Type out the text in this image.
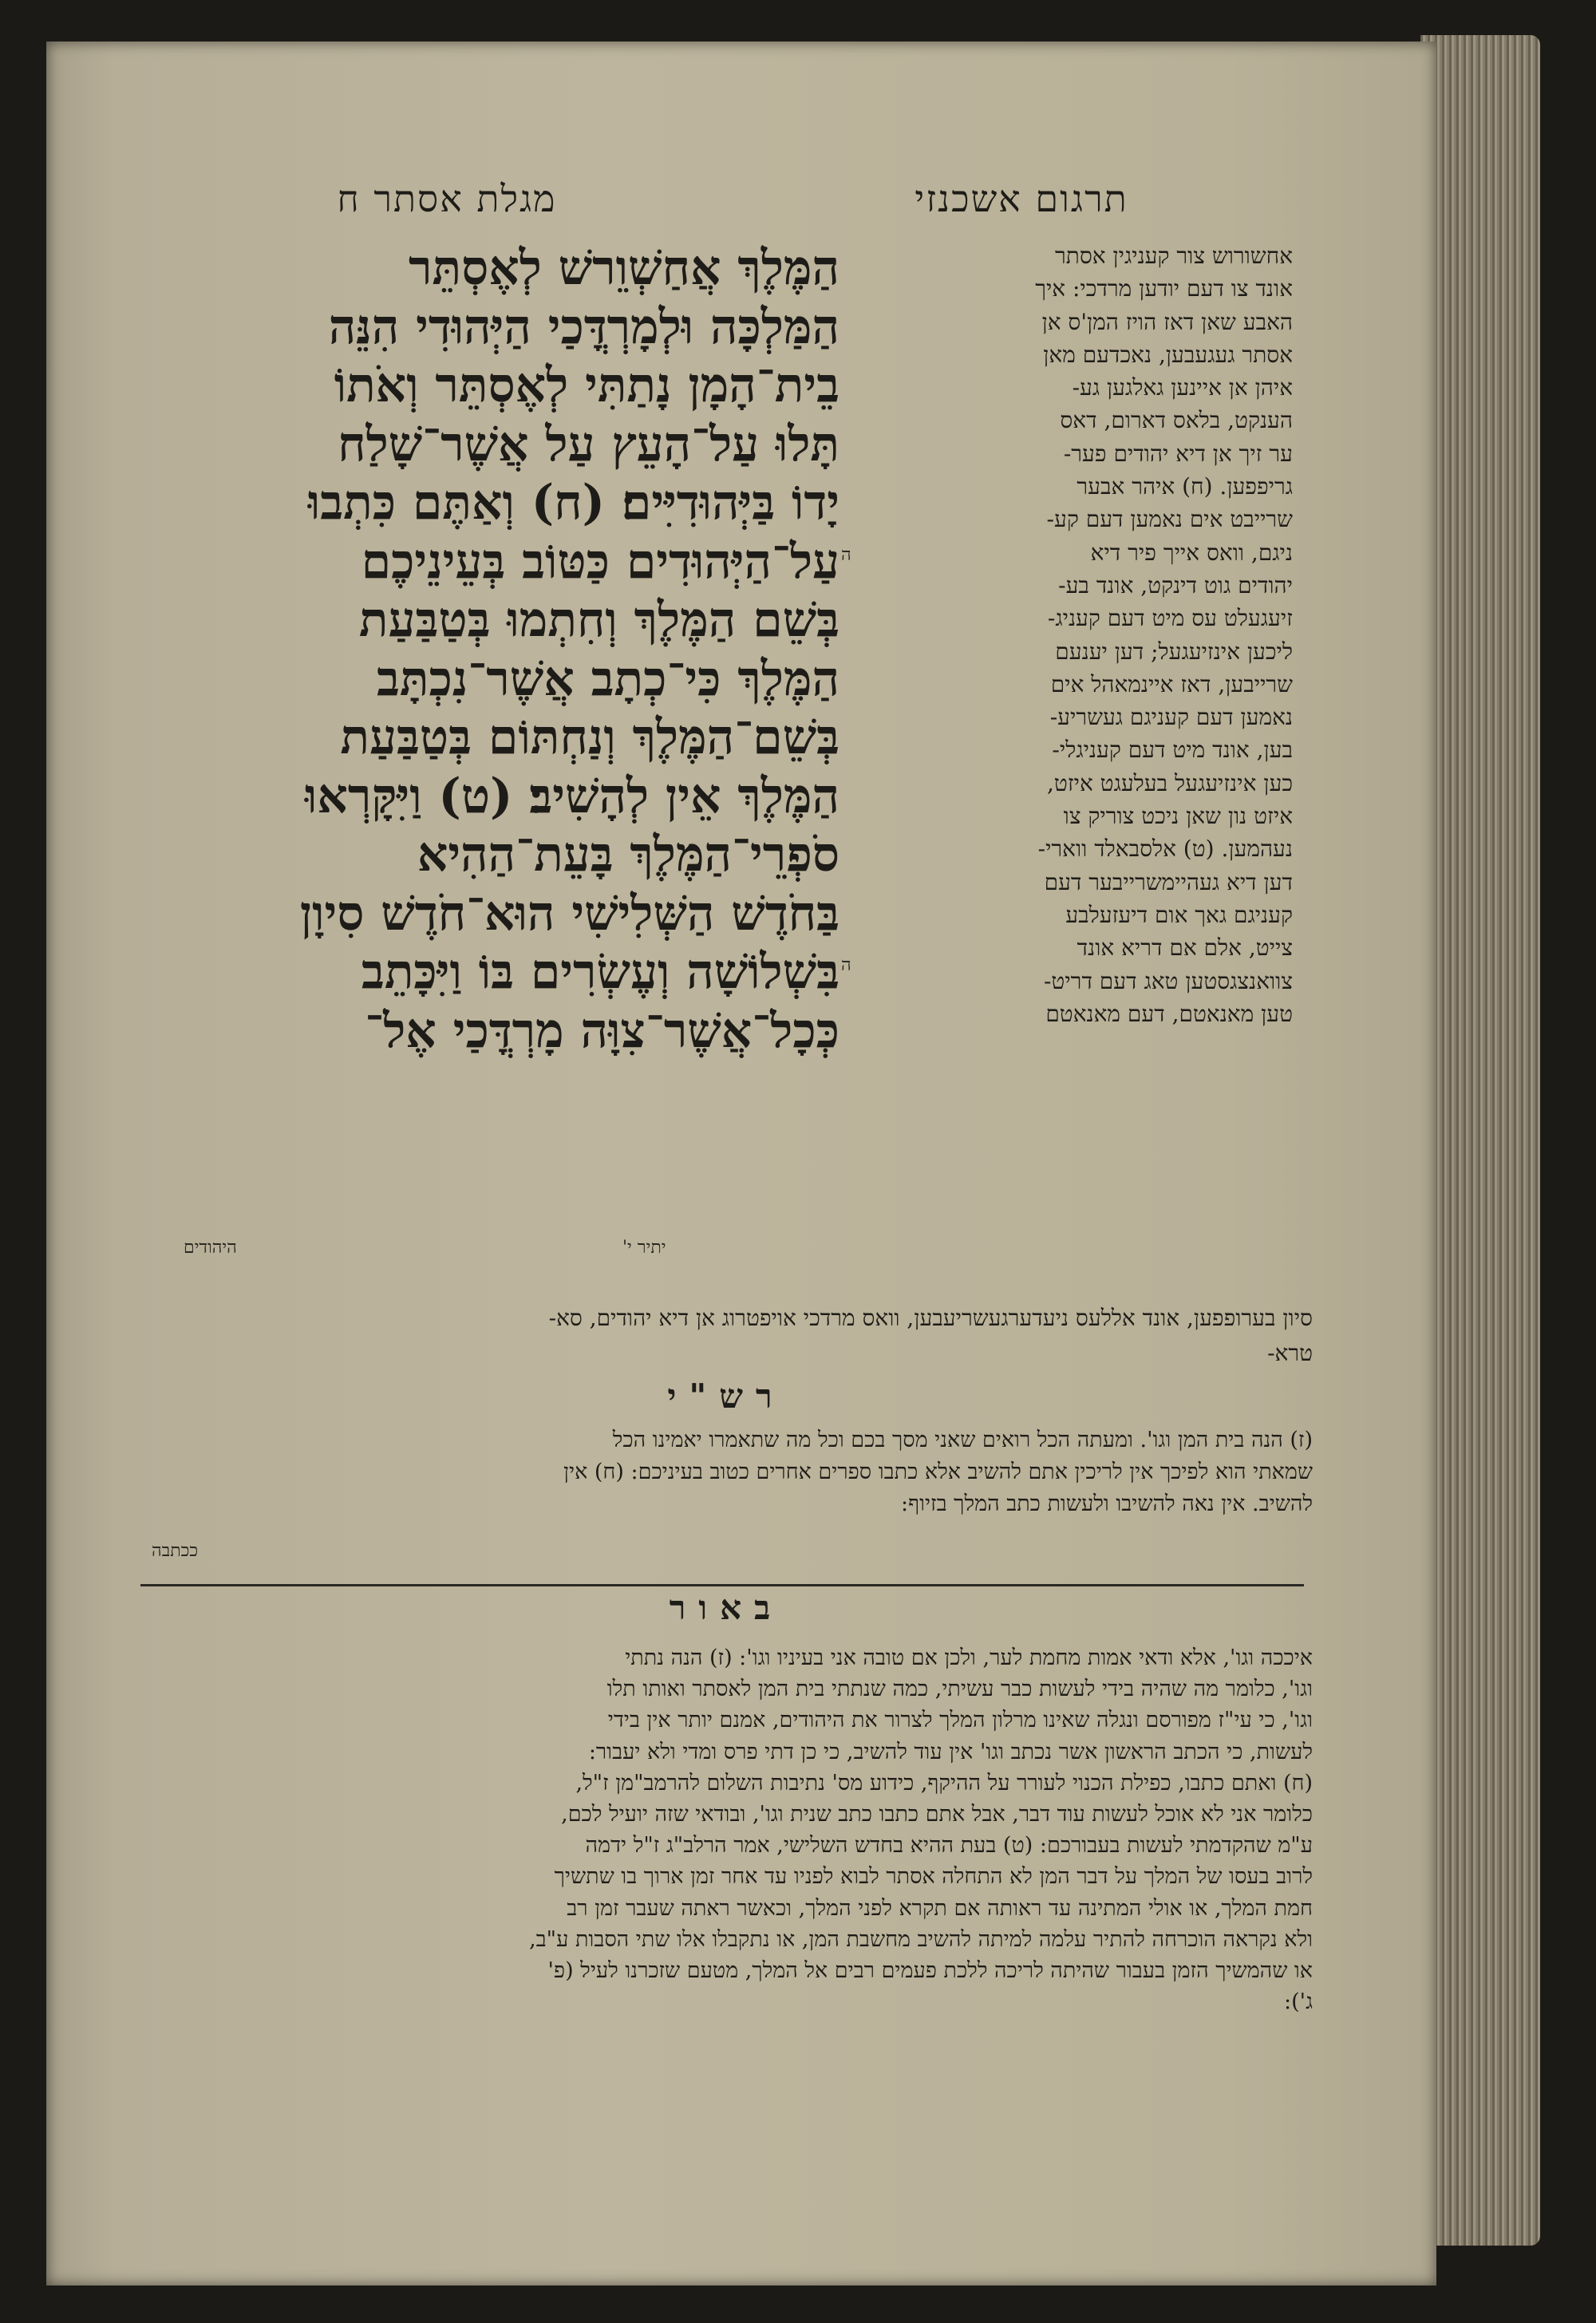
תרגום אשכנזי
מגלת אסתר ח
אחשורוש צור קעניגין אסתר
אונד צו דעם יודען מרדכי: איך
האבע שאן דאז הויז המן'ס אן
אסתר געגעבען, נאכדעם מאן
איהן אן איינען גאלגען גע-
הענקט, בלאס דארום, דאס
ער זיך אן דיא יהודים פער-
גריפפען. (ח) איהר אבער
שרייבט אים נאמען דעם קע-
ניגם, וואס אייך פיר דיא
יהודים גוט דינקט, אונד בע-
זיעגעלט עס מיט דעם קעניג-
ליכען אינזיעגעל; דען יענעם
שרייבען, דאז איינמאהל אים
נאמען דעם קעניגם געשריע-
בען, אונד מיט דעם קעניגלי-
כען אינזיעגעל בעלעגט איזט,
איזט נון שאן ניכט צוריק צו
נעהמען. (ט) אלסבאלד ווארי-
דען דיא געהיימשרייבער דעם
קעניגם גאך אום דיעזעלבע
צייט, אלם אם דריא אונד
צוואנצגסטען טאג דעם דריט-
טען מאנאטם, דעם מאנאטם
ה
ה
הַמֶּלֶךְ אֲחַשְׁוֵרשׁ לְאֶסְתֵּר
הַמַּלְכָּה וּלְמָרְדֳּכַי הַיְּהוּדִי הִנֵּה
בֵית־הָמָן נָתַתִּי לְאֶסְתֵּר וְאֹתוֹ
תָּלוּ עַל־הָעֵץ עַל אֲשֶׁר־שָׁלַח
יָדוֹ בַּיְּהוּדִיִּים׃ (ח) וְאַתֶּם כִּתְבוּ
עַל־הַיְּהוּדִים כַּטּוֹב בְּעֵינֵיכֶם
בְּשֵׁם הַמֶּלֶךְ וְחִתְמוּ בְּטַבַּעַת
הַמֶּלֶךְ כִּי־כְתָב אֲשֶׁר־נִכְתָּב
בְּשֵׁם־הַמֶּלֶךְ וְנַחְתּוֹם בְּטַבַּעַת
הַמֶּלֶךְ אֵין לְהָשִׁיב׃ (ט) וַיִּקָּרְאוּ
סֹפְרֵי־הַמֶּלֶךְ בָּעֵת־הַהִיא
בַּחֹדֶשׁ הַשְּׁלִישִׁי הוּא־חֹדֶשׁ סִיוָן
בִּשְׁלוֹשָׁה וְעֶשְׂרִים בּוֹ וַיִּכָּתֵב
כְּכָל־אֲשֶׁר־צִוָּה מָרְדֳּכַי אֶל־
היהודים	יתיר י'
סיון בערופפען, אונד אללעס ניעדערגעשריעבען, וואס מרדכי אויפטרוג אן דיא יהודים, סא-
טרא-
רש"י
(ז) הנה בית המן וגו'. ומעתה הכל רואים שאני מסך בכם וכל מה שתאמרו יאמינו הכל
שמאתי הוא לפיכך אין לריכין אתם להשיב אלא כתבו ספרים אחרים כטוב בעיניכם: (ח) אין
להשיב. אין נאה להשיבו ולעשות כתב המלך בזיוף:
ככתבה
באור
איככה וגו', אלא ודאי אמות מחמת לער, ולכן אם טובה אני בעיניו וגו': (ז) הנה נתתי
וגו', כלומר מה שהיה בידי לעשות כבר עשיתי, כמה שנתתי בית המן לאסתר ואותו תלו
וגו', כי עי"ז מפורסם ונגלה שאינו מרלון המלך לצרור את היהודים, אמנם יותר אין בידי
לעשות, כי הכתב הראשון אשר נכתב וגו' אין עוד להשיב, כי כן דתי פרס ומדי ולא יעבור:
(ח) ואתם כתבו, כפילת הכנוי לעורר על ההיקף, כידוע מס' נתיבות השלום להרמב"מן ז"ל,
כלומר אני לא אוכל לעשות עוד דבר, אבל אתם כתבו כתב שנית וגו', ובודאי שזה יועיל לכם,
ע"מ שהקדמתי לעשות בעבורכם: (ט) בעת ההיא בחדש השלישי, אמר הרלב"ג ז"ל ידמה
לרוב בעסו של המלך על דבר המן לא התחלה אסתר לבוא לפניו עד אחר זמן ארוך בו שתשיך
חמת המלך, או אולי המתינה עד ראותה אם תקרא לפני המלך, וכאשר ראתה שעבר זמן רב
ולא נקראה הוכרחה להתיר עלמה למיתה להשיב מחשבת המן, או נתקבלו אלו שתי הסבות ע"ב,
או שהמשיך הזמן בעבור שהיתה לריכה ללכת פעמים רבים אל המלך, מטעם שזכרנו לעיל (פ'
ג'):
